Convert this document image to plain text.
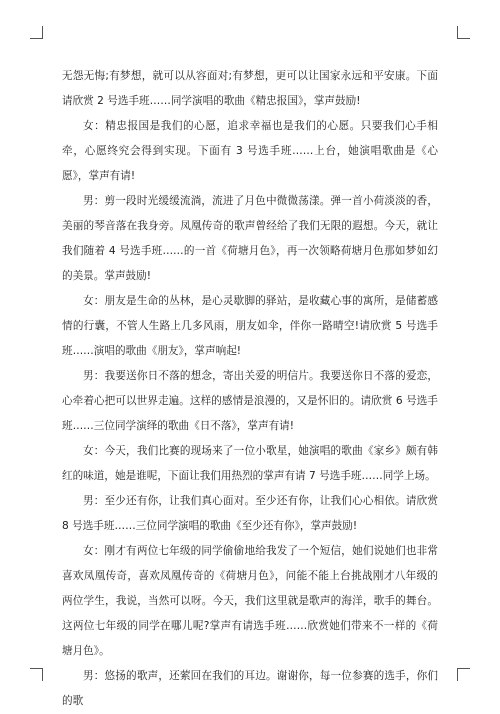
无怨无悔;有梦想，就可以从容面对;有梦想，更可以让国家永远和平安康。下面请欣赏 2 号选手班……同学演唱的歌曲《精忠报国》，掌声鼓励!

女：精忠报国是我们的心愿，追求幸福也是我们的心愿。只要我们心手相牵，心愿终究会得到实现。下面有 3 号选手班……上台，她演唱歌曲是《心愿》，掌声有请!

男：剪一段时光缓缓流淌，流进了月色中微微荡漾。弹一首小荷淡淡的香，美丽的琴音落在我身旁。凤凰传奇的歌声曾经给了我们无限的遐想。今天，就让我们随着 4 号选手班……的一首《荷塘月色》，再一次领略荷塘月色那如梦如幻的美景。掌声鼓励!

女：朋友是生命的丛林，是心灵歇脚的驿站，是收藏心事的寓所，是储蓄感情的行囊，不管人生路上几多风雨，朋友如伞，伴你一路晴空!请欣赏 5 号选手班……演唱的歌曲《朋友》，掌声响起!

男：我要送你日不落的想念，寄出关爱的明信片。我要送你日不落的爱恋，心牵着心把可以世界走遍。这样的感情是浪漫的，又是怀旧的。请欣赏 6 号选手班……三位同学演绎的歌曲《日不落》，掌声有请!

女：今天，我们比赛的现场来了一位小歌星，她演唱的歌曲《家乡》颇有韩红的味道，她是谁呢，下面让我们用热烈的掌声有请 7 号选手班……同学上场。

男：至少还有你，让我们真心面对。至少还有你，让我们心心相依。请欣赏 8 号选手班……三位同学演唱的歌曲《至少还有你》，掌声鼓励!

女：刚才有两位七年级的同学偷偷地给我发了一个短信，她们说她们也非常喜欢凤凰传奇，喜欢凤凰传奇的《荷塘月色》，问能不能上台挑战刚才八年级的两位学生，我说，当然可以呀。今天，我们这里就是歌声的海洋，歌手的舞台。这两位七年级的同学在哪儿呢?掌声有请选手班……欣赏她们带来不一样的《荷塘月色》。

男：悠扬的歌声，还萦回在我们的耳边。谢谢你，每一位参赛的选手，你们的歌
